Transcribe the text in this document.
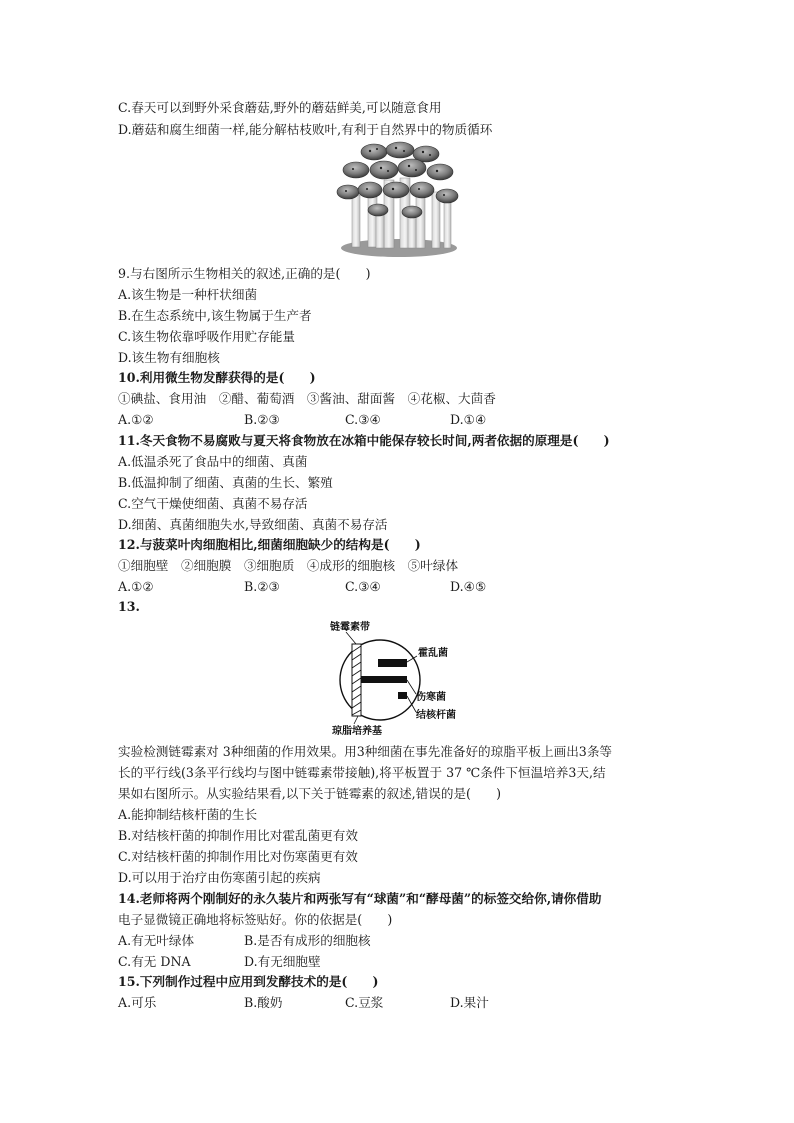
C.春天可以到野外采食蘑菇,野外的蘑菇鲜美,可以随意食用
D.蘑菇和腐生细菌一样,能分解枯枝败叶,有利于自然界中的物质循环
9.与右图所示生物相关的叙述,正确的是(　　)
A.该生物是一种杆状细菌
B.在生态系统中,该生物属于生产者
C.该生物依靠呼吸作用贮存能量
D.该生物有细胞核
10.利用微生物发酵获得的是(　　)
①碘盐、食用油　②醋、葡萄酒　③酱油、甜面酱　④花椒、大茴香
A.①②	B.②③	C.③④	D.①④
11.冬天食物不易腐败与夏天将食物放在冰箱中能保存较长时间,两者依据的原理是(　　)
A.低温杀死了食品中的细菌、真菌
B.低温抑制了细菌、真菌的生长、繁殖
C.空气干燥使细菌、真菌不易存活
D.细菌、真菌细胞失水,导致细菌、真菌不易存活
12.与菠菜叶肉细胞相比,细菌细胞缺少的结构是(　　)
①细胞壁　②细胞膜　③细胞质　④成形的细胞核　⑤叶绿体
A.①②	B.②③	C.③④	D.④⑤
13.
链霉素带
霍乱菌
伤寒菌
结核杆菌
琼脂培养基
实验检测链霉素对 3种细菌的作用效果。用3种细菌在事先准备好的琼脂平板上画出3条等
长的平行线(3条平行线均与图中链霉素带接触),将平板置于 37 ℃条件下恒温培养3天,结
果如右图所示。从实验结果看,以下关于链霉素的叙述,错误的是(　　)
A.能抑制结核杆菌的生长
B.对结核杆菌的抑制作用比对霍乱菌更有效
C.对结核杆菌的抑制作用比对伤寒菌更有效
D.可以用于治疗由伤寒菌引起的疾病
14.老师将两个刚制好的永久装片和两张写有“球菌”和“酵母菌”的标签交给你,请你借助
电子显微镜正确地将标签贴好。你的依据是(　　)
A.有无叶绿体	B.是否有成形的细胞核
C.有无 DNA	D.有无细胞壁
15.下列制作过程中应用到发酵技术的是(　　)
A.可乐	B.酸奶	C.豆浆	D.果汁
